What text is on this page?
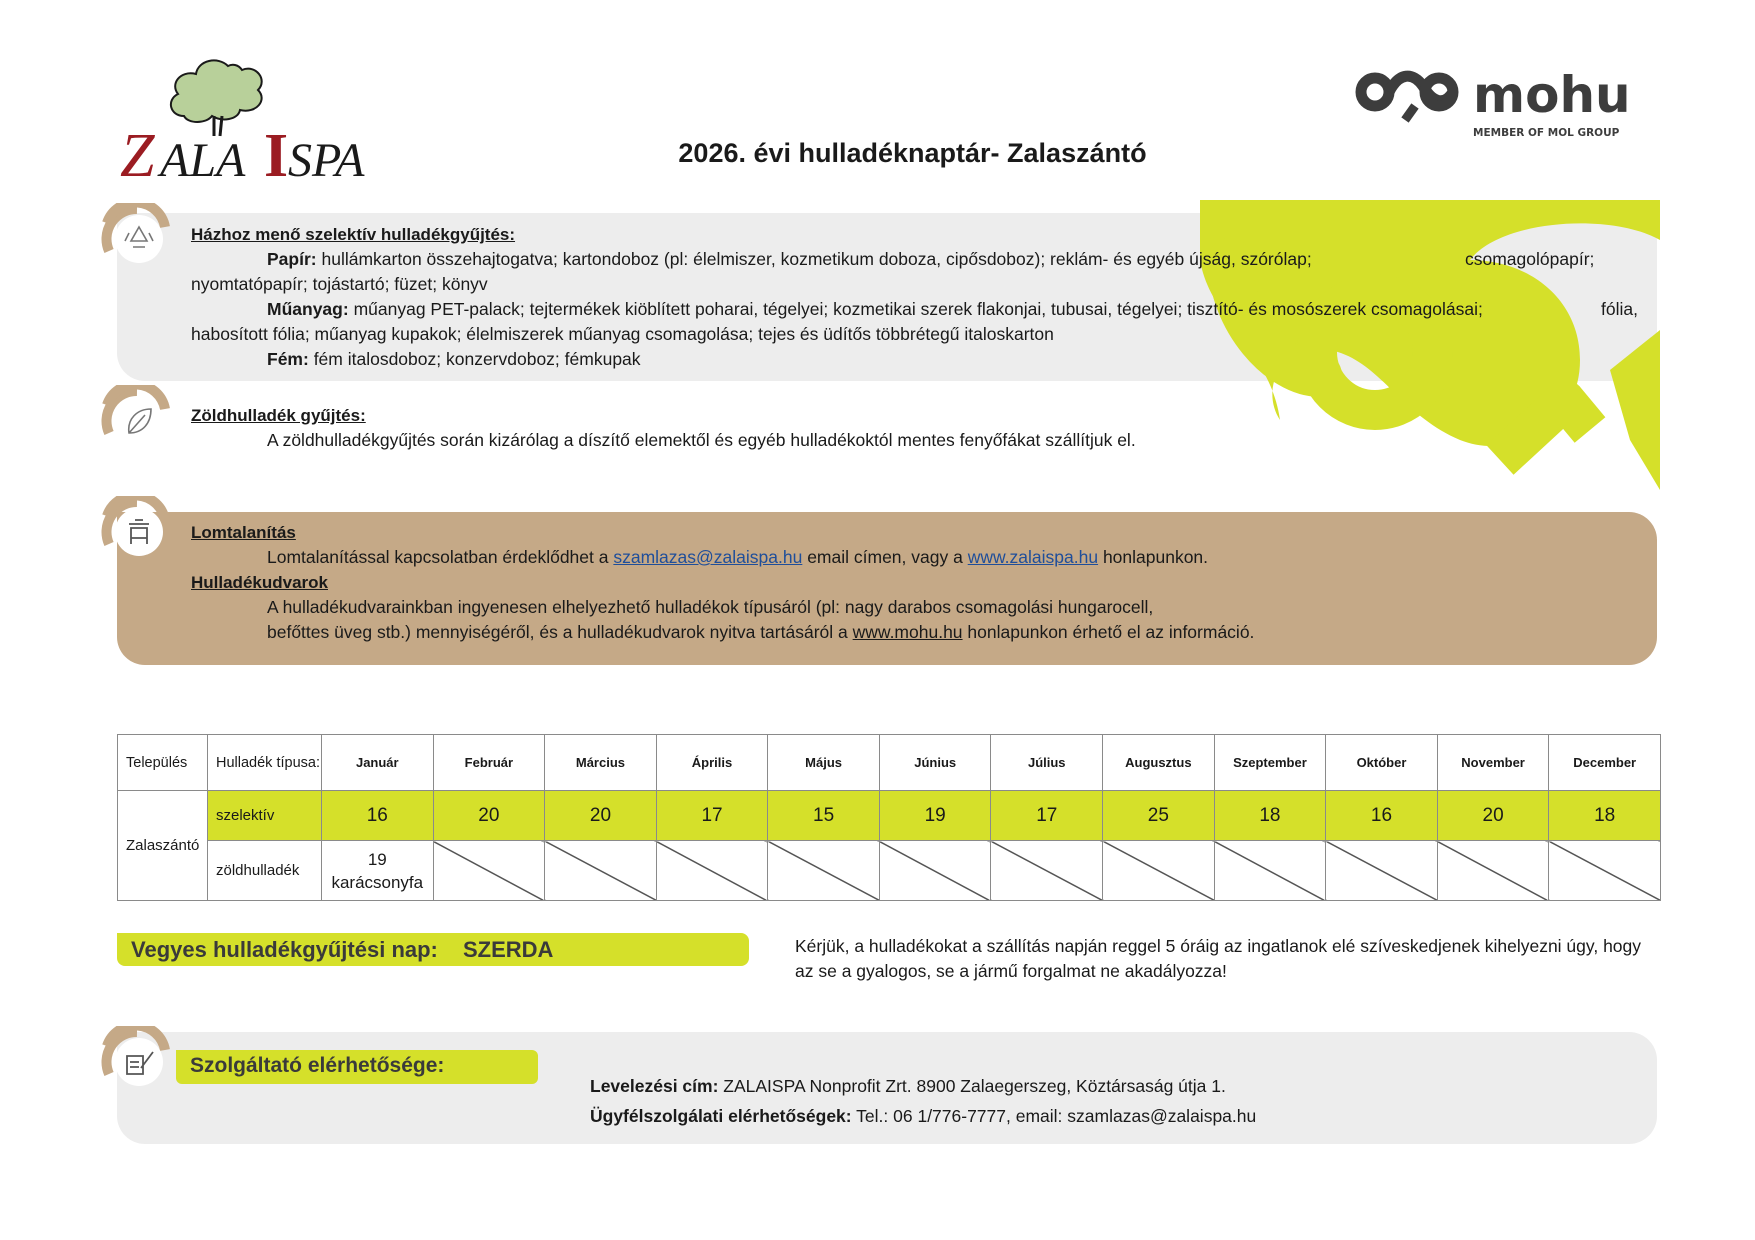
Z ALA I SPA
mohu
MEMBER OF MOL GROUP
2026. évi hulladéknaptár- Zalaszántó
Házhoz menő szelektív hulladékgyűjtés:
Papír: hullámkarton összehajtogatva; kartondoboz (pl: élelmiszer, kozmetikum doboza, cipősdoboz); reklám- és egyéb újság, szórólap;	csomagolópapír;
nyomtatópapír; tojástartó; füzet; könyv
Műanyag: műanyag PET-palack; tejtermékek kiöblített poharai, tégelyei; kozmetikai szerek flakonjai, tubusai, tégelyei; tisztító- és mosószerek csomagolásai;	fólia,
habosított fólia; műanyag kupakok; élelmiszerek műanyag csomagolása; tejes és üdítős többrétegű italoskarton
Fém: fém italosdoboz; konzervdoboz; fémkupak
Zöldhulladék gyűjtés:
A zöldhulladékgyűjtés során kizárólag a díszítő elemektől és egyéb hulladékoktól mentes fenyőfákat szállítjuk el.
Lomtalanítás
Lomtalanítással kapcsolatban érdeklődhet a szamlazas@zalaispa.hu email címen, vagy a www.zalaispa.hu honlapunkon.
Hulladékudvarok
A hulladékudvarainkban ingyenesen elhelyezhető hulladékok típusáról (pl: nagy darabos csomagolási hungarocell,
befőttes üveg stb.) mennyiségéről, és a hulladékudvarok nyitva tartásáról a www.mohu.hu honlapunkon érhető el az információ.
Település	Hulladék típusa:	Január	Február	Március	Április	Május	Június	Július	Augusztus	Szeptember	Október	November	December
Zalaszántó	szelektív	16	20	20	17	15	19	17	25	18	16	20	18
	zöldhulladék	19 karácsonyfa											
Vegyes hulladékgyűjtési nap: SZERDA	Kérjük, a hulladékokat a szállítás napján reggel 5 óráig az ingatlanok elé szíveskedjenek kihelyezni úgy, hogy az se a gyalogos, se a jármű forgalmat ne akadályozza!
Szolgáltató elérhetősége:
Levelezési cím: ZALAISPA Nonprofit Zrt. 8900 Zalaegerszeg, Köztársaság útja 1.
Ügyfélszolgálati elérhetőségek: Tel.: 06 1/776-7777, email: szamlazas@zalaispa.hu
